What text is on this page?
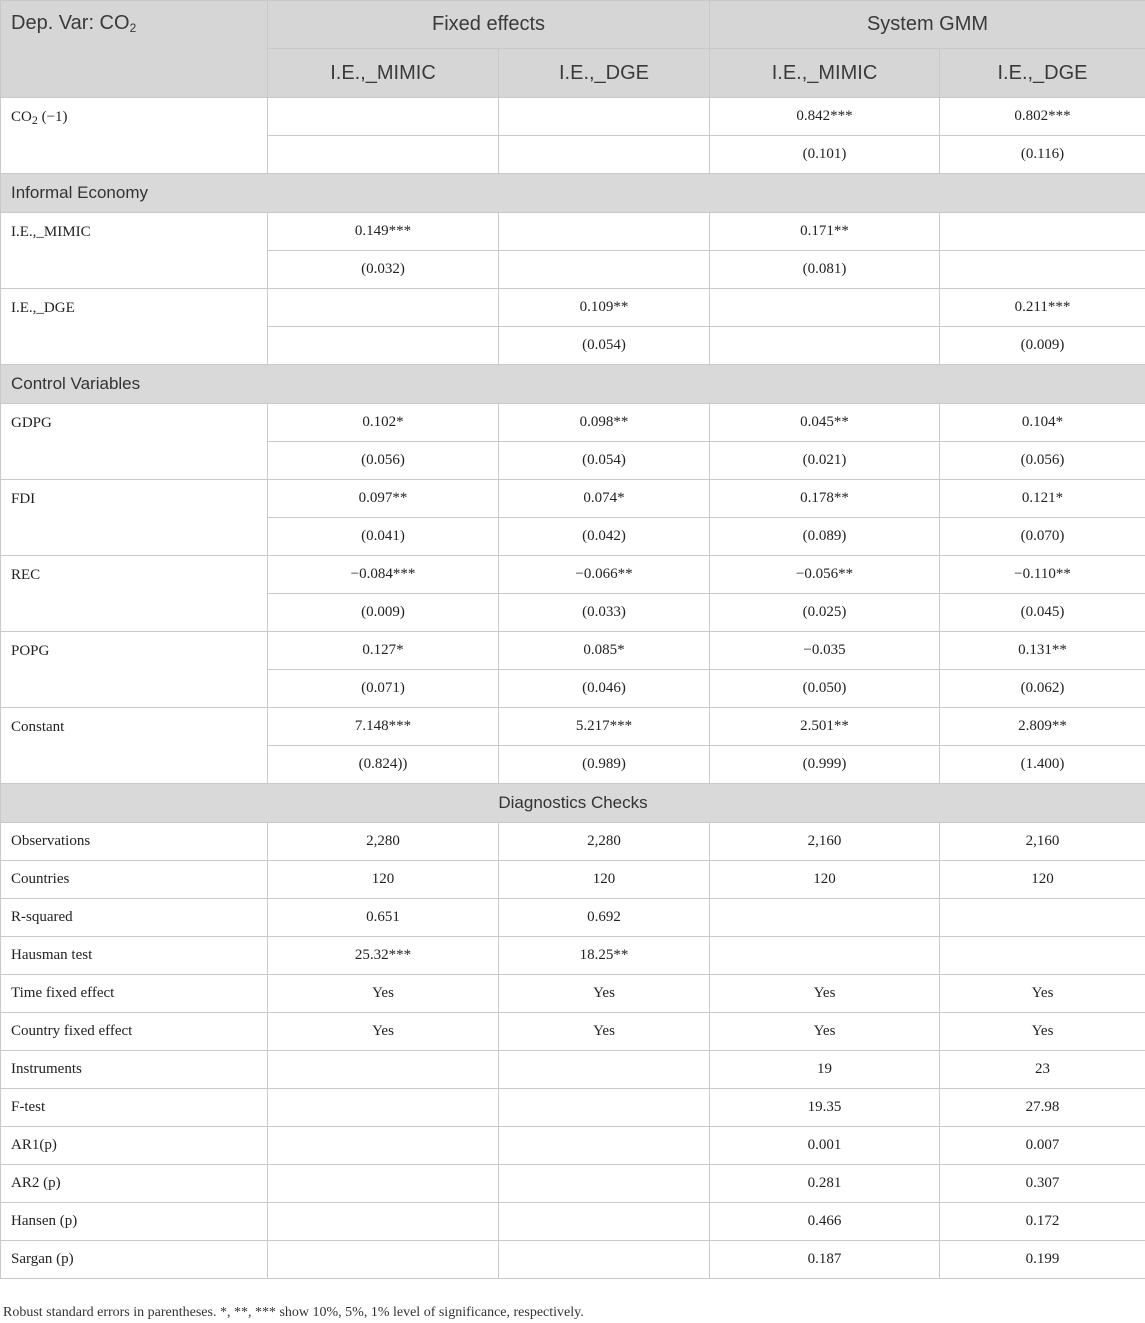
Dep. Var: $CO_2$	Fixed effects		System GMM	
	I.E.,_MIMIC	I.E.,_DGE	I.E.,_MIMIC	I.E.,_DGE
$CO_2$ (−1)			0.842***	0.802***
			(0.101)	(0.116)
Informal Economy				
I.E.,_MIMIC	0.149***		0.171**	
	(0.032)		(0.081)	
I.E.,_DGE		0.109**		0.211***
		(0.054)		(0.009)
Control Variables				
GDPG	0.102*	0.098**	0.045**	0.104*
	(0.056)	(0.054)	(0.021)	(0.056)
FDI	0.097**	0.074*	0.178**	0.121*
	(0.041)	(0.042)	(0.089)	(0.070)
REC	−0.084***	−0.066**	−0.056**	−0.110**
	(0.009)	(0.033)	(0.025)	(0.045)
POPG	0.127*	0.085*	−0.035	0.131**
	(0.071)	(0.046)	(0.050)	(0.062)
Constant	7.148***	5.217***	2.501**	2.809**
	(0.824))	(0.989)	(0.999)	(1.400)
Diagnostics Checks				
Observations	2,280	2,280	2,160	2,160
Countries	120	120	120	120
R-squared	0.651	0.692		
Hausman test	25.32***	18.25**		
Time fixed effect	Yes	Yes	Yes	Yes
Country fixed effect	Yes	Yes	Yes	Yes
Instruments			19	23
F-test			19.35	27.98
AR1(p)			0.001	0.007
AR2 (p)			0.281	0.307
Hansen (p)			0.466	0.172
Sargan (p)			0.187	0.199
Robust standard errors in parentheses. *, **, *** show 10%, 5%, 1% level of significance, respectively.
